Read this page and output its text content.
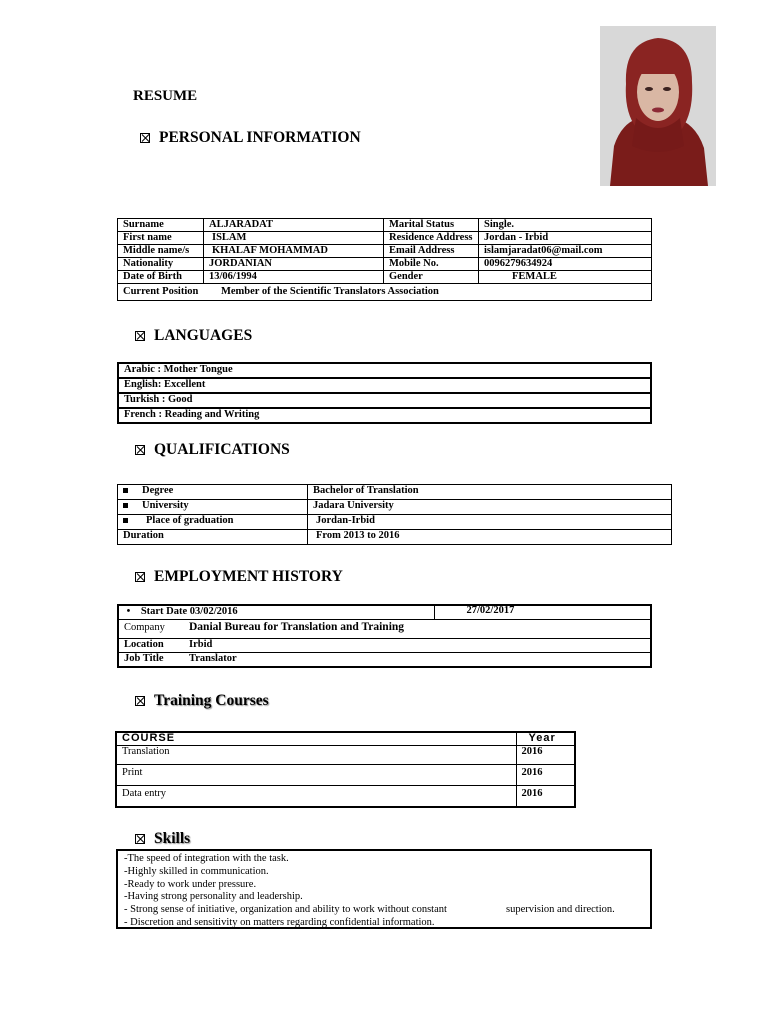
RESUME
PERSONAL INFORMATION
Surname	ALJARADAT	Marital Status	Single.
First name	ISLAM	Residence Address	Jordan - Irbid
Middle name/s	KHALAF MOHAMMAD	Email Address	islamjaradat06@mail.com
Nationality	JORDANIAN	Mobile No.	0096279634924
Date of Birth	13/06/1994	Gender	FEMALE
Current Position Member of the Scientific Translators Association			
LANGUAGES
Arabic : Mother Tongue
English: Excellent
Turkish : Good
French : Reading and Writing
QUALIFICATIONS
Degree	Bachelor of Translation
University	Jadara University
Place of graduation	Jordan-Irbid
Duration	From 2013 to 2016
EMPLOYMENT HISTORY
•    Start Date 03/02/2016		27/02/2017
Company	Danial Bureau for Translation and Training	
Location	Irbid	
Job Title	Translator	
Training Courses
COURSE	Year
Translation	2016
Print	2016
Data entry	2016
Skills
-The speed of integration with the task.
-Highly skilled in communication.
-Ready to work under pressure.
-Having strong personality and leadership.
- Strong sense of initiative, organization and ability to work without constant	supervision and direction.
- Discretion and sensitivity on matters regarding confidential information.
